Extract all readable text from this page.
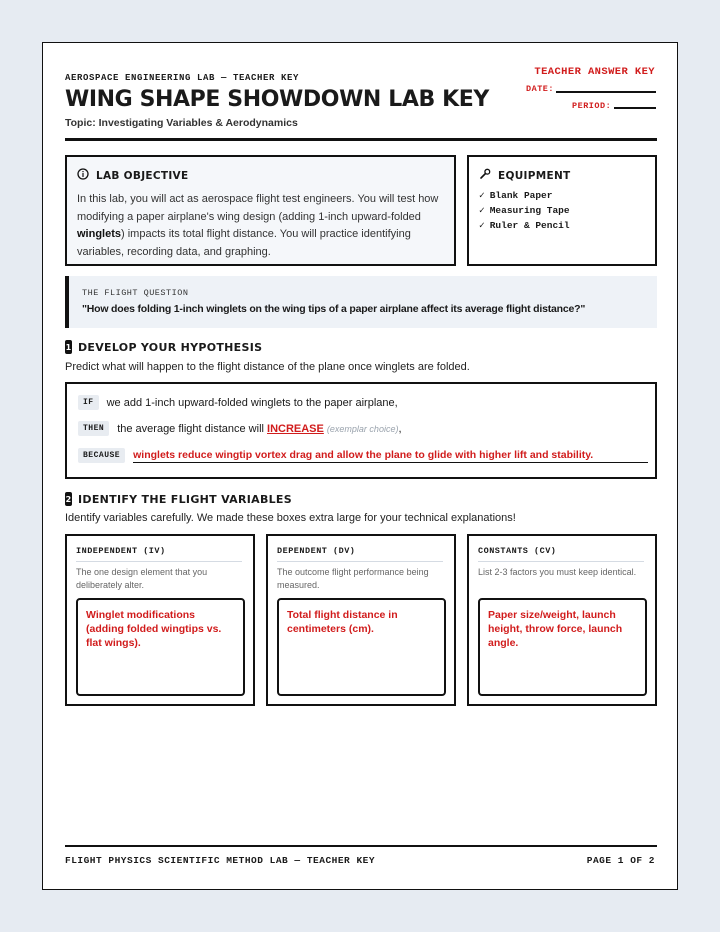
AEROSPACE ENGINEERING LAB — TEACHER KEY
WING SHAPE SHOWDOWN LAB KEY
Topic: Investigating Variables & Aerodynamics
TEACHER ANSWER KEY
DATE:
PERIOD:
LAB OBJECTIVE
In this lab, you will act as aerospace flight test engineers. You will test how modifying a paper airplane's wing design (adding 1-inch upward-folded winglets) impacts its total flight distance. You will practice identifying variables, recording data, and graphing.
EQUIPMENT
✓ Blank Paper
✓ Measuring Tape
✓ Ruler & Pencil
THE FLIGHT QUESTION
"How does folding 1-inch winglets on the wing tips of a paper airplane affect its average flight distance?"
1 DEVELOP YOUR HYPOTHESIS
Predict what will happen to the flight distance of the plane once winglets are folded.
IF	we add 1-inch upward-folded winglets to the paper airplane,
THEN	the average flight distance will INCREASE (exemplar choice),
BECAUSE	winglets reduce wingtip vortex drag and allow the plane to glide with higher lift and stability.
2 IDENTIFY THE FLIGHT VARIABLES
Identify variables carefully. We made these boxes extra large for your technical explanations!
INDEPENDENT (IV)
The one design element that you deliberately alter.
Winglet modifications (adding folded wingtips vs. flat wings).
DEPENDENT (DV)
The outcome flight performance being measured.
Total flight distance in centimeters (cm).
CONSTANTS (CV)
List 2-3 factors you must keep identical.
Paper size/weight, launch height, throw force, launch angle.
FLIGHT PHYSICS SCIENTIFIC METHOD LAB — TEACHER KEY	PAGE 1 OF 2
